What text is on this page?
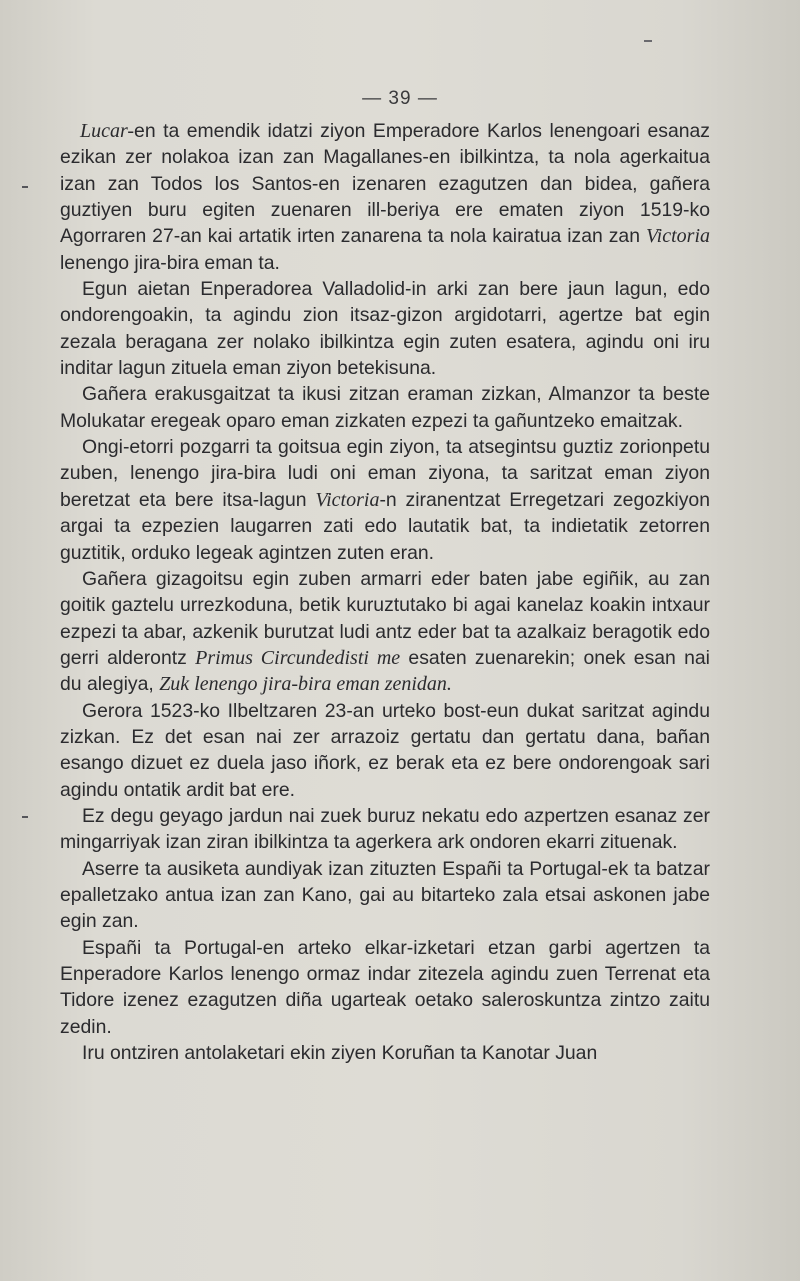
— 39 —

Lucar-en ta emendik idatzi ziyon Emperadore Karlos lenengoari esanaz ezikan zer nolakoa izan zan Magallanes-en ibilkintza, ta nola agerkaitua izan zan Todos los Santos-en izenaren ezagutzen dan bidea, gañera guztiyen buru egiten zuenaren ill-beriya ere ematen ziyon 1519-ko Agorraren 27-an kai artatik irten zanarena ta nola kairatua izan zan Victoria lenengo jira-bira eman ta.

Egun aietan Enperadorea Valladolid-in arki zan bere jaun lagun, edo ondorengoakin, ta agindu zion itsaz-gizon argidotarri, agertze bat egin zezala beragana zer nolako ibilkintza egin zuten esatera, agindu oni iru inditar lagun zituela eman ziyon betekisuna.

Gañera erakusgaitzat ta ikusi zitzan eraman zizkan, Almanzor ta beste Molukatar eregeak oparo eman zizkaten ezpezi ta gañuntzeko emaitzak.

Ongi-etorri pozgarri ta goitsua egin ziyon, ta atsegintsu guztiz zorionpetu zuben, lenengo jira-bira ludi oni eman ziyona, ta saritzat eman ziyon beretzat eta bere itsa-lagun Victoria-n ziranentzat Erregetzari zegozkiyon argai ta ezpezien laugarren zati edo lautatik bat, ta indietatik zetorren guztitik, orduko legeak agintzen zuten eran.

Gañera gizagoitsu egin zuben armarri eder baten jabe egiñik, au zan goitik gaztelu urrezkoduna, betik kuruztutako bi agai kanelaz koakin intxaur ezpezi ta abar, azkenik burutzat ludi antz eder bat ta azalkaiz beragotik edo gerri alderontz Primus Circundedisti me esaten zuenarekin; onek esan nai du alegiya, Zuk lenengo jira-bira eman zenidan.

Gerora 1523-ko Ilbeltzaren 23-an urteko bost-eun dukat saritzat agindu zizkan. Ez det esan nai zer arrazoiz gertatu dan gertatu dana, bañan esango dizuet ez duela jaso iñork, ez berak eta ez bere ondorengoak sari agindu ontatik ardit bat ere.

Ez degu geyago jardun nai zuek buruz nekatu edo azpertzen esanaz zer mingarriyak izan ziran ibilkintza ta agerkera ark ondoren ekarri zituenak.

Aserre ta ausiketa aundiyak izan zituzten Españi ta Portugal-ek ta batzar epalletzako antua izan zan Kano, gai au bitarteko zala etsai askonen jabe egin zan.

Españi ta Portugal-en arteko elkar-izketari etzan garbi agertzen ta Enperadore Karlos lenengo ormaz indar zitezela agindu zuen Terrenat eta Tidore izenez ezagutzen diña ugarteak oetako saleroskuntza zintzo zaitu zedin.

Iru ontziren antolaketari ekin ziyen Koruñan ta Kanotar Juan
